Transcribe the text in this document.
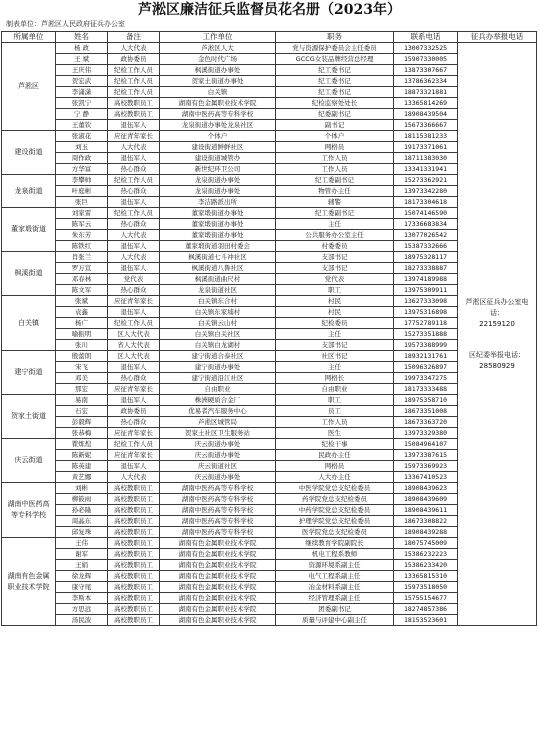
芦淞区廉洁征兵监督员花名册（2023年）
制表单位：芦淞区人民政府征兵办公室
所属单位	姓名	备注	工作单位	职务	联系电话	征兵办举报电话
芦淞区	杨 政	人大代表	芦淞区人大	党与资源保护委员会主任委员	13007332525	芦淞区征兵办公室电话：
22159120
区纪委举报电话：
28580929

	王 斌	政协委员	金色时代广场	GCCG女装品牌经营总经理	15907330005	
	王庆伟	纪检工作人员	枫溪街道办事处	纪工委书记	13873307667	
	贺宏武	纪检工作人员	贺家土街道办事处	纪工委书记	13786362334	
	李潇潇	纪检工作人员	白关镇	纪工委书记	18873321881	
	张凯宁	高校教职员工	湖南有色金属职业技术学院	纪检监察处处长	13365814269	
	宁 静	高校教职员工	湖南中医药高等专科学校	纪委副书记	18908439504	
	王董钦	退伍军人	龙泉街道办事处龙泉社区	副书记	15673366667	
建设街道	张淑花	应征青年家长	个体户	个体户	18115381233	
	刘玉	人大代表	建设街道鲜鲜社区	网格员	19173371061	
	周作政	退伍军人	建设街道城管办	工作人员	18711383030	
	方华富	热心群众	新世纪环卫公司	工作人员	13341331941	
龙泉街道	李攀帅	纪检工作人员	龙泉街道办事处	纪工委副书记	15273362921	
	叶庭彬	热心群众	龙泉街道办事处	物管办主任	13973342280	
	张巨	退伍军人	李洁路派出所	辅警	18173304618	
董家塅街道	刘家雷	纪检工作人员	董家塅街道办事处	纪工委副书记	15074146590	
	陈军云	热心群众	董家塅街道办事处	主任	17336683834	
	朱东芳	人大代表	董家塅街道办事处	公共服务办公室主任	13077026542	
	陈铁红	退伍军人	董家塅街道羽田村委会	村委委员	15387332666	
枫溪街道	肖张兰	人大代表	枫溪街道七斗冲社区	支部书记	18975328117	
	罗万宣	退伍军人	枫溪街道八鲁社区	支部书记	18273338887	
	邓春林	党代表	枫溪街道曲尺村	党代表	13974189988	
	陈文军	热心群众	龙泉街道社区	职工	13975309911	
白关镇	张斌	应征青年家长	白关镇东合村	村民	13627333098	
	袁鑫	退伍军人	白关镇东家埔村	村民	13975316898	
	杨广	纪检工作人员	白关镇云山村	纪检委员	17752789118	
	喻振明	区人大代表	白关镇白关社区	主任	15273351888	
	张川	省人大代表	白关镇白龙湖村	支部书记	19573388999	
建宁街道	殷蕾朗	区人大代表	建宁街道合泰社区	社区书记	18932131761	
	宋飞	退伍军人	建宁街道办事处	主任	15096326897	
	邓美	热心群众	建宁街道沿江社区	网格长	19973347275	
	那宏	应征青年家长	自由职业	自由职业	18173333488	
贺家土街道	易南	退伍军人	株洲硬质合金厂	职工	18975358710	
	石宏	政协委员	优易者汽车服务中心	员工	18673351008	
	彭毅辉	热心群众	芦淞区城管局	工作人员	18673363720	
	张恭梅	应征青年家长	贺家土社区卫生服务站	医生	13973329380	
庆云街道	瞿炼煌	纪检工作人员	庆云街道办事处	纪检干事	15084964107	
	陈新妮	应征青年家长	庆云街道办事处	民政办主任	13973387615	
	陈英建	退伍军人	庆云街道社区	网格员	15973369923	
	黄艺娜	人大代表	庆云街道办事处	人大办主任	13367410523	
湖南中医药高等专科学校	刘彬	高校教职员工	湖南中医药高等专科学校	中医学院党总支纪检委员	18908439623	
	柳筱雨	高校教职员工	湖南中医药高等专科学校	药学院党总支纪检委员	18908439609	
	孙必隆	高校教职员工	湖南中医药高等专科学校	中药学院党总支纪检委员	18908439611	
	周晶东	高校教职员工	湖南中医药高等专科学校	护理学院党总支纪检委员	18673308822	
	邱复珠	高校教职员工	湖南中医药高等专科学校	医学院党总支纪检委员	18908439288	
湖南有色金属职业技术学院	王伟	高校教职员工	湖南有色金属职业技术学院	继续教育学院副院长	18075745009	
	谢军	高校教职员工	湖南有色金属职业技术学院	机电工程系教师	15386232223	
	王娟	高校教职员工	湖南有色金属职业技术学院	资源环境系副主任	15386233420	
	徐龙辉	高校教职员工	湖南有色金属职业技术学院	电气工程系副主任	13365815310	
	康守尾	高校教职员工	湖南有色金属职业技术学院	冶金材料系副主任	15973518050	
	李斯本	高校教职员工	湖南有色金属职业技术学院	经济管理系副主任	15755154677	
	方思远	高校教职员工	湖南有色金属职业技术学院	团委副书记	18274857386	
	汤民波	高校教职员工	湖南有色金属职业技术学院	质量与评建中心副主任	18153523601	
